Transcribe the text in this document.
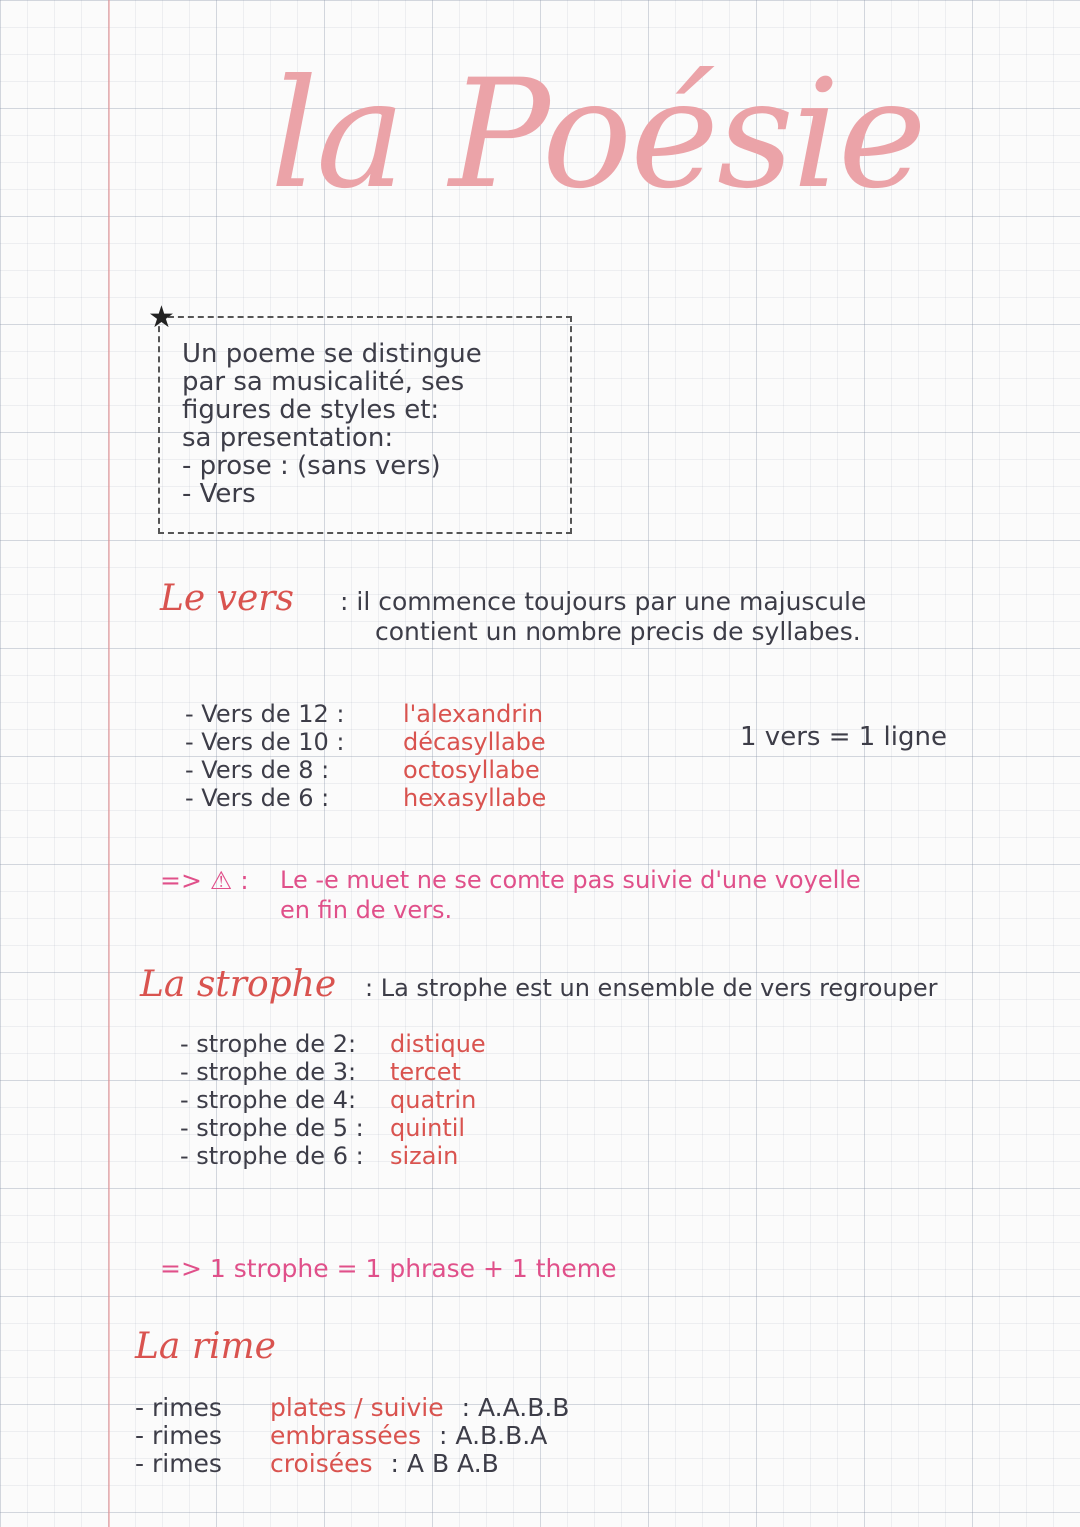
la Poésie
★
Un poeme se distingue
par sa musicalité, ses
figures de styles et:
sa presentation:
- prose : (sans vers)
- Vers
Le vers : il commence toujours par une majuscule
contient un nombre precis de syllabes.
- Vers de 12 :	l'alexandrin
- Vers de 10 :	décasyllabe
- Vers de 8 :	octosyllabe
- Vers de 6 :	hexasyllabe
1 vers = 1 ligne
=> ⚠ : Le -e muet ne se comte pas suivie d'une voyelle
en fin de vers.
La strophe : La strophe est un ensemble de vers regrouper
- strophe de 2:	distique
- strophe de 3:	tercet
- strophe de 4:	quatrin
- strophe de 5 :	quintil
- strophe de 6 :	sizain
=> 1 strophe = 1 phrase + 1 theme
La rime
- rimes	plates / suivie : A.A.B.B
- rimes	embrassées : A.B.B.A
- rimes	croisées : A B A.B
